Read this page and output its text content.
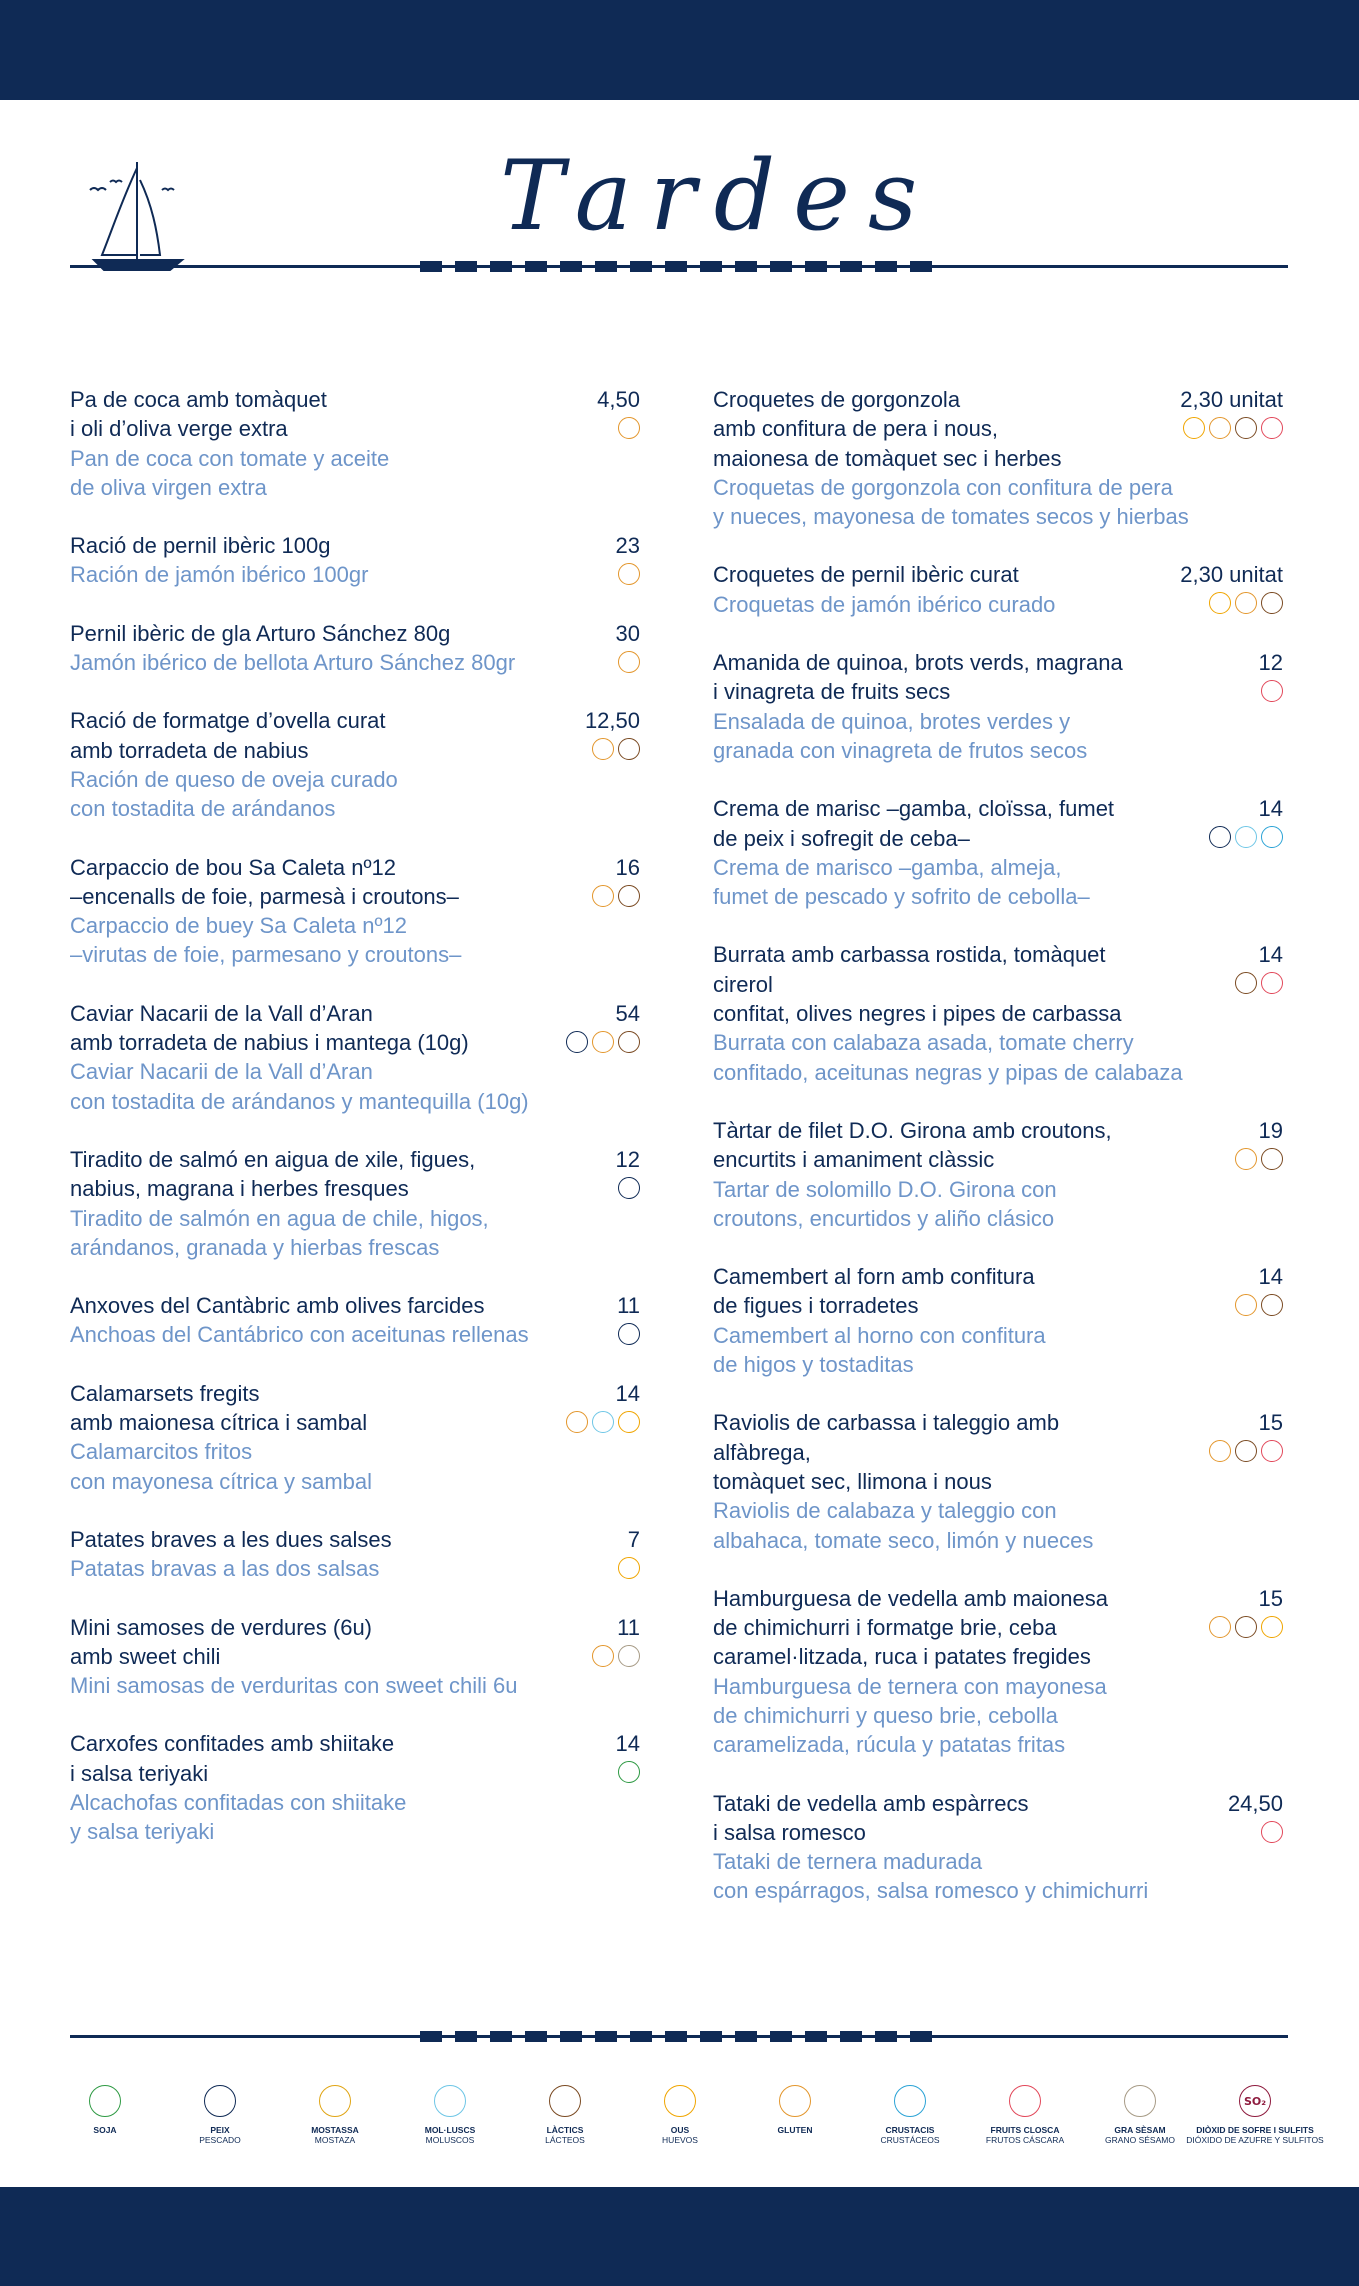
Tardes
Pa de coca amb tomàquet
i oli d’oliva verge extra
Pan de coca con tomate y aceite
de oliva virgen extra
4,50
G
Ració de pernil ibèric 100g
Ración de jamón ibérico 100gr
23
G
Pernil ibèric de gla Arturo Sánchez 80g
Jamón ibérico de bellota Arturo Sánchez 80gr
30
G
Ració de formatge d’ovella curat
amb torradeta de nabius
Ración de queso de oveja curado
con tostadita de arándanos
12,50
G	L
Carpaccio de bou Sa Caleta nº12
–encenalls de foie, parmesà i croutons–
Carpaccio de buey Sa Caleta nº12
–virutas de foie, parmesano y croutons–
16
G	L
Caviar Nacarii de la Vall d’Aran
amb torradeta de nabius i mantega (10g)
Caviar Nacarii de la Vall d’Aran
con tostadita de arándanos y mantequilla (10g)
54
P	G	L
Tiradito de salmó en aigua de xile, figues,
nabius, magrana i herbes fresques
Tiradito de salmón en agua de chile, higos,
arándanos, granada y hierbas frescas
12
P
Anxoves del Cantàbric amb olives farcides
Anchoas del Cantábrico con aceitunas rellenas
11
P
Calamarsets fregits
amb maionesa cítrica i sambal
Calamarcitos fritos
con mayonesa cítrica y sambal
14
G	m	O
Patates braves a les dues salses
Patatas bravas a las dos salsas
7
O
Mini samoses de verdures (6u)
amb sweet chili
Mini samosas de verduritas con sweet chili 6u
11
G	·
Carxofes confitades amb shiitake
i salsa teriyaki
Alcachofas confitadas con shiitake
y salsa teriyaki
14
S
Croquetes de gorgonzola
amb confitura de pera i nous,
maionesa de tomàquet sec i herbes
Croquetas de gorgonzola con confitura de pera
y nueces, mayonesa de tomates secos y hierbas
2,30 unitat
O	G	L	F
Croquetes de pernil ibèric curat
Croquetas de jamón ibérico curado
2,30 unitat
O	G	L
Amanida de quinoa, brots verds, magrana
i vinagreta de fruits secs
Ensalada de quinoa, brotes verdes y
granada con vinagreta de frutos secos
12
F
Crema de marisc –gamba, cloïssa, fumet
de peix i sofregit de ceba–
Crema de marisco –gamba, almeja,
fumet de pescado y sofrito de cebolla–
14
P	m	C
Burrata amb carbassa rostida, tomàquet cirerol
confitat, olives negres i pipes de carbassa
Burrata con calabaza asada, tomate cherry
confitado, aceitunas negras y pipas de calabaza
14
L	F
Tàrtar de filet D.O. Girona amb croutons,
encurtits i amaniment clàssic
Tartar de solomillo D.O. Girona con
croutons, encurtidos y aliño clásico
19
G	L
Camembert al forn amb confitura
de figues i torradetes
Camembert al horno con confitura
de higos y tostaditas
14
G	L
Raviolis de carbassa i taleggio amb alfàbrega,
tomàquet sec, llimona i nous
Raviolis de calabaza y taleggio con
albahaca, tomate seco, limón y nueces
15
G	L	F
Hamburguesa de vedella amb maionesa
de chimichurri i formatge brie, ceba
caramel·litzada, ruca i patates fregides
Hamburguesa de ternera con mayonesa
de chimichurri y queso brie, cebolla
caramelizada, rúcula y patatas fritas
15
G	L	O
Tataki de vedella amb espàrrecs
i salsa romesco
Tataki de ternera madurada
con espárragos, salsa romesco y chimichurri
24,50
F
S
SOJA
P
PEIX
PESCADO
M
MOSTASSA
MOSTAZA
m
MOL·LUSCS
MOLUSCOS
L
LÀCTICS
LÁCTEOS
O
OUS
HUEVOS
G
GLUTEN
C
CRUSTACIS
CRUSTÁCEOS
F
FRUITS CLOSCA
FRUTOS CÁSCARA
·
GRA SÈSAM
GRANO SÉSAMO
SO₂
DIÒXID DE SOFRE I SULFITS
DIÓXIDO DE AZUFRE Y SULFITOS
